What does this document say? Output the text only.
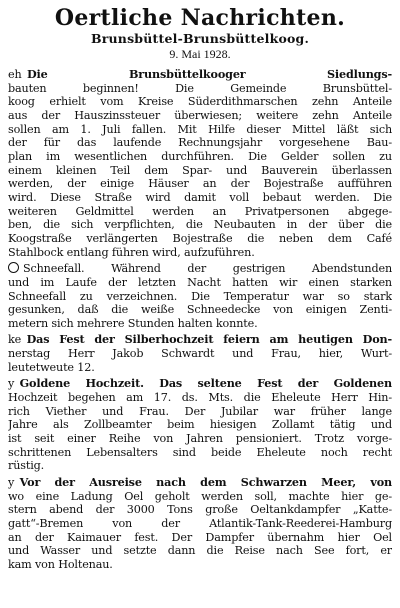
Oertliche Nachrichten.
Brunsbüttel-Brunsbüttelkoog.
9. Mai 1928.
eh  Die Brunsbüttelkooger Siedlungs-
bauten beginnen! Die Gemeinde Brunsbüttel-
koog erhielt vom Kreise Süderdithmarschen zehn Anteile
aus der Hauszinssteuer überwiesen; weitere zehn Anteile
sollen am 1. Juli fallen. Mit Hilfe dieser Mittel läßt sich
der für das laufende Rechnungsjahr vorgesehene Bau-
plan im wesentlichen durchführen. Die Gelder sollen zu
einem kleinen Teil dem Spar- und Bauverein überlassen
werden, der einige Häuser an der Bojestraße aufführen
wird. Diese Straße wird damit voll bebaut werden. Die
weiteren Geldmittel werden an Privatpersonen abgege-
ben, die sich verpflichten, die Neubauten in der über die
Koogstraße verlängerten Bojestraße die neben dem Café
Stahlbock entlang führen wird, aufzuführen.
Schneefall. Während der gestrigen Abendstunden
und im Laufe der letzten Nacht hatten wir einen starken
Schneefall zu verzeichnen. Die Temperatur war so stark
gesunken, daß die weiße Schneedecke von einigen Zenti-
metern sich mehrere Stunden halten konnte.
ke  Das Fest der Silberhochzeit feiern am heutigen Don-
nerstag Herr Jakob Schwardt und Frau, hier, Wurt-
leutetweute 12.
y  Goldene Hochzeit. Das seltene Fest der Goldenen
Hochzeit begehen am 17. ds. Mts. die Eheleute Herr Hin-
rich Viether und Frau. Der Jubilar war früher lange
Jahre als Zollbeamter beim hiesigen Zollamt tätig und
ist seit einer Reihe von Jahren pensioniert. Trotz vorge-
schrittenen Lebensalters sind beide Eheleute noch recht
rüstig.
y  Vor der Ausreise nach dem Schwarzen Meer, von
wo eine Ladung Oel geholt werden soll, machte hier ge-
stern abend der 3000 Tons große Oeltankdampfer „Katte-
gatt“-Bremen von der Atlantik-Tank-Reederei-Hamburg
an der Kaimauer fest. Der Dampfer übernahm hier Oel
und Wasser und setzte dann die Reise nach See fort, er
kam von Holtenau.
